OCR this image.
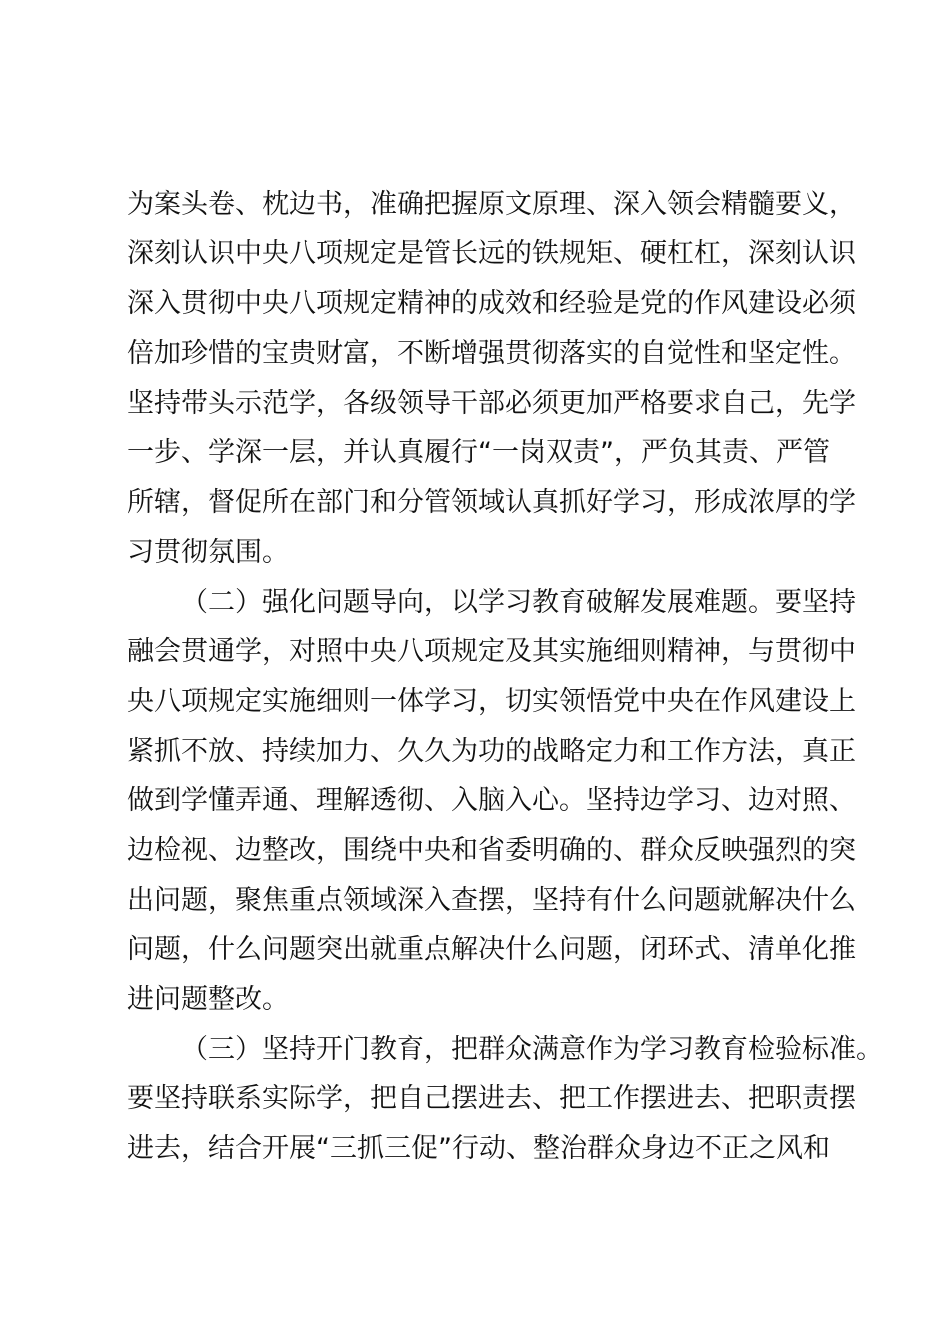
为案头卷、枕边书，准确把握原文原理、深入领会精髓要义，
深刻认识中央八项规定是管长远的铁规矩、硬杠杠，深刻认识
深入贯彻中央八项规定精神的成效和经验是党的作风建设必须
倍加珍惜的宝贵财富，不断增强贯彻落实的自觉性和坚定性。
坚持带头示范学，各级领导干部必须更加严格要求自己，先学
一步、学深一层，并认真履行“一岗双责”，严负其责、严管
所辖，督促所在部门和分管领域认真抓好学习，形成浓厚的学
习贯彻氛围。
（二）强化问题导向，以学习教育破解发展难题。要坚持
融会贯通学，对照中央八项规定及其实施细则精神，与贯彻中
央八项规定实施细则一体学习，切实领悟党中央在作风建设上
紧抓不放、持续加力、久久为功的战略定力和工作方法，真正
做到学懂弄通、理解透彻、入脑入心。坚持边学习、边对照、
边检视、边整改，围绕中央和省委明确的、群众反映强烈的突
出问题，聚焦重点领域深入查摆，坚持有什么问题就解决什么
问题，什么问题突出就重点解决什么问题，闭环式、清单化推
进问题整改。
（三）坚持开门教育，把群众满意作为学习教育检验标准。
要坚持联系实际学，把自己摆进去、把工作摆进去、把职责摆
进去，结合开展“三抓三促”行动、整治群众身边不正之风和
